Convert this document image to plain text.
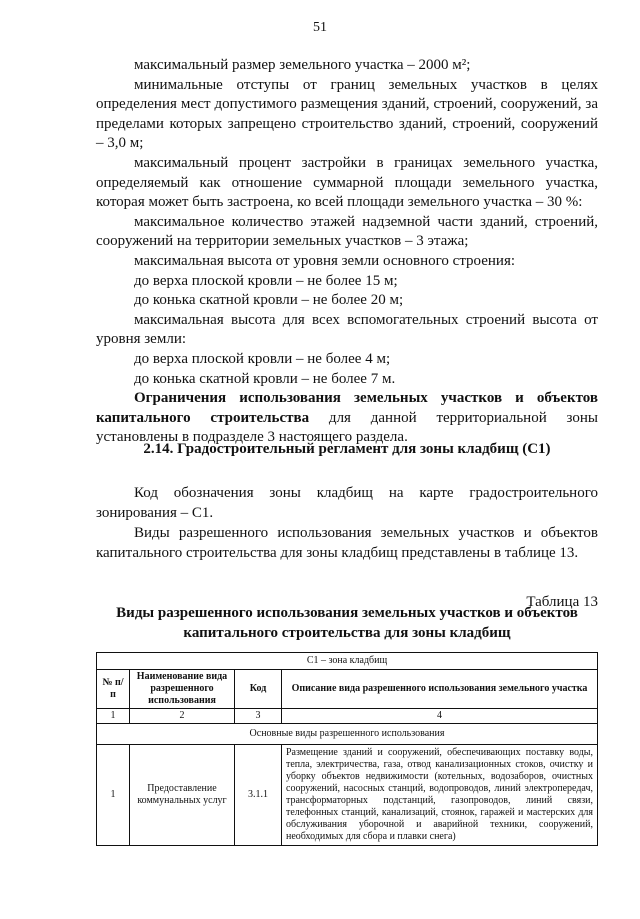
51

максимальный размер земельного участка – 2000 м²;

минимальные отступы от границ земельных участков в целях определения мест допустимого размещения зданий, строений, сооружений, за пределами которых запрещено строительство зданий, строений, сооружений – 3,0 м;

максимальный процент застройки в границах земельного участка, определяемый как отношение суммарной площади земельного участка, которая может быть застроена, ко всей площади земельного участка – 30 %:

максимальное количество этажей надземной части зданий, строений, сооружений на территории земельных участков – 3 этажа;

максимальная высота от уровня земли основного строения:

до верха плоской кровли – не более 15 м;

до конька скатной кровли – не более 20 м;

максимальная высота для всех вспомогательных строений высота от уровня земли:

до верха плоской кровли – не более 4 м;

до конька скатной кровли – не более 7 м.

Ограничения использования земельных участков и объектов капитального строительства для данной территориальной зоны установлены в подразделе 3 настоящего раздела.

2.14. Градостроительный регламент для зоны кладбищ (С1)

Код обозначения зоны кладбищ на карте градостроительного зонирования – С1.

Виды разрешенного использования земельных участков и объектов капитального строительства для зоны кладбищ представлены в таблице 13.

Таблица 13
Виды разрешенного использования земельных участков и объектов капитального строительства для зоны кладбищ
С1 – зона кладбищ			
№ п/п	Наименование вида разрешенного использования	Код	Описание вида разрешенного использования земельного участка
1	2	3	4
Основные виды разрешенного использования			
1	Предоставление коммунальных услуг	3.1.1	Размещение зданий и сооружений, обеспечивающих поставку воды, тепла, электричества, газа, отвод канализационных стоков, очистку и уборку объектов недвижимости (котельных, водозаборов, очистных сооружений, насосных станций, водопроводов, линий электропередач, трансформаторных подстанций, газопроводов, линий связи, телефонных станций, канализаций, стоянок, гаражей и мастерских для обслуживания уборочной и аварийной техники, сооружений, необходимых для сбора и плавки снега)
